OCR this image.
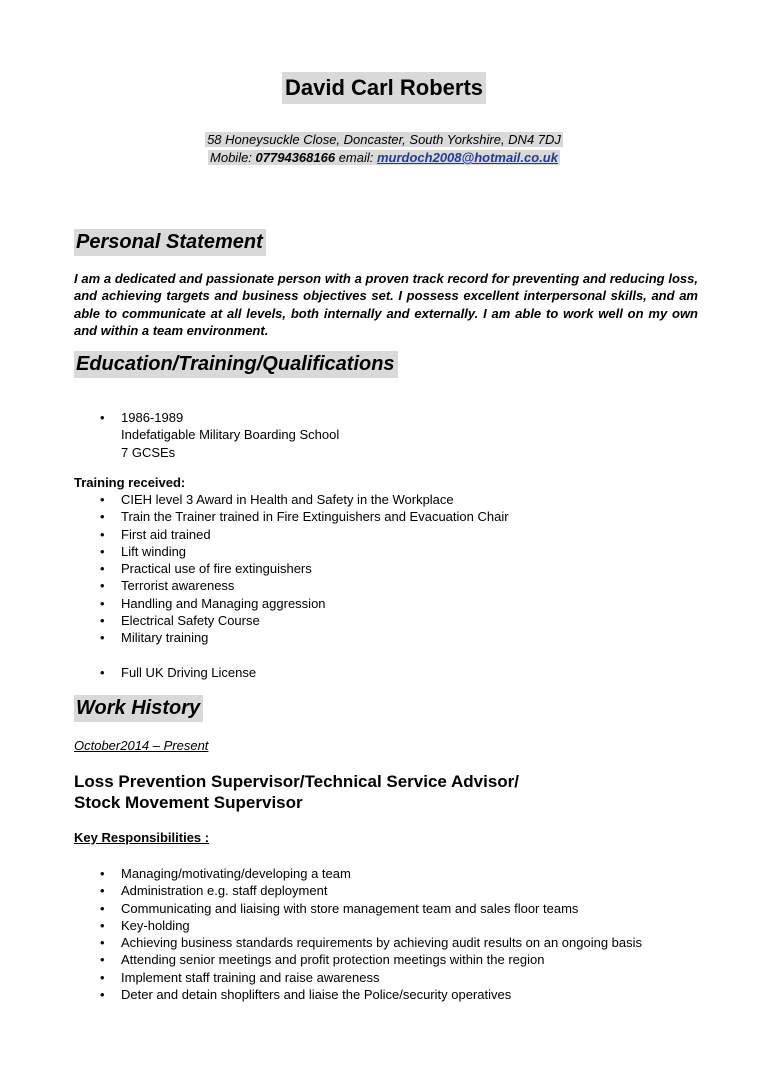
David Carl Roberts
58 Honeysuckle Close, Doncaster, South Yorkshire, DN4 7DJ
Mobile: 07794368166 email: murdoch2008@hotmail.co.uk
Personal Statement

I am a dedicated and passionate person with a proven track record for preventing and reducing loss, and achieving targets and business objectives set. I possess excellent interpersonal skills, and am able to communicate at all levels, both internally and externally. I am able to work well on my own and within a team environment.

Education/Training/Qualifications
• 1986-1989
Indefatigable Military Boarding School
7 GCSEs
Training received:
• CIEH level 3 Award in Health and Safety in the Workplace
• Train the Trainer trained in Fire Extinguishers and Evacuation Chair
• First aid trained
• Lift winding
• Practical use of fire extinguishers
• Terrorist awareness
• Handling and Managing aggression
• Electrical Safety Course
• Military training
• Full UK Driving License
Work History
October2014 – Present
Loss Prevention Supervisor/Technical Service Advisor/
Stock Movement Supervisor
Key Responsibilities :
• Managing/motivating/developing a team
• Administration e.g. staff deployment
• Communicating and liaising with store management team and sales floor teams
• Key-holding
• Achieving business standards requirements by achieving audit results on an ongoing basis
• Attending senior meetings and profit protection meetings within the region
• Implement staff training and raise awareness
• Deter and detain shoplifters and liaise the Police/security operatives
